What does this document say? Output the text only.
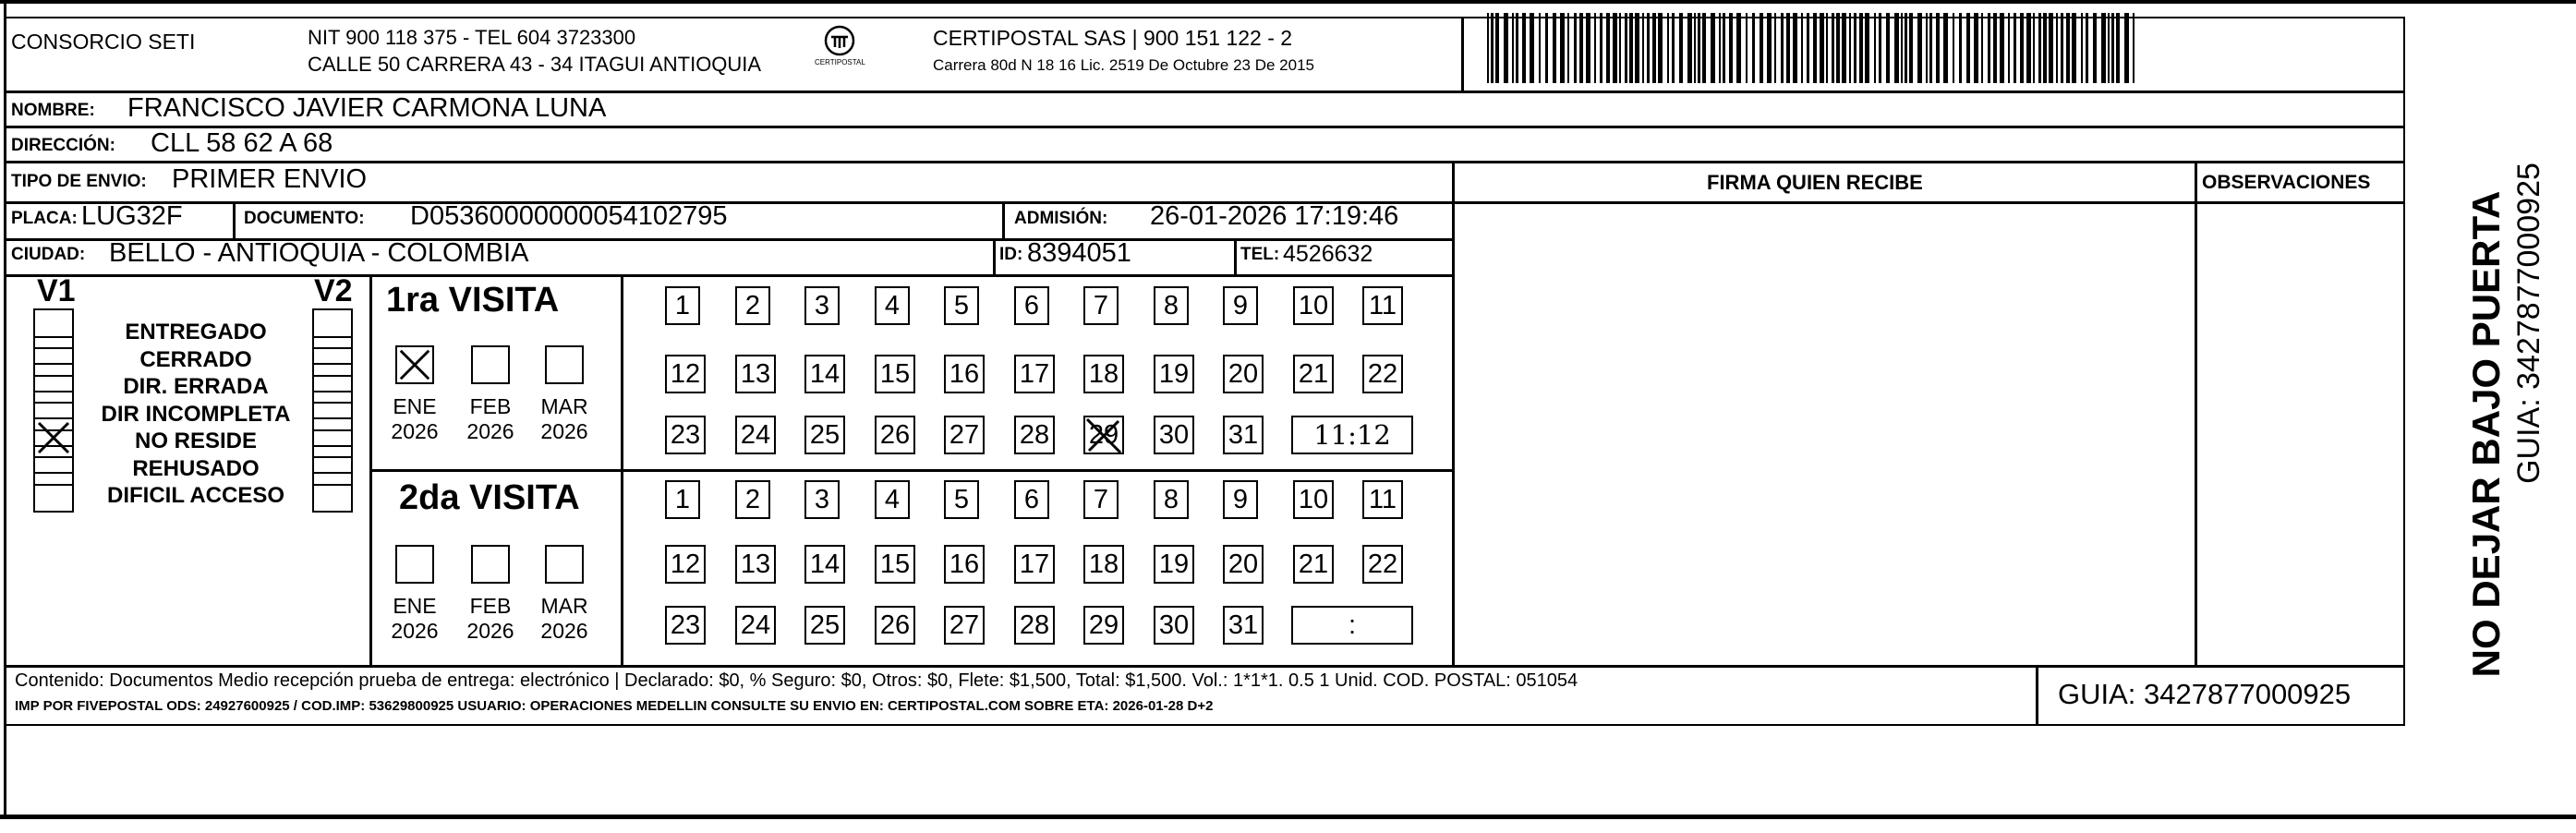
CONSORCIO SETI	NIT 900 118 375 - TEL 604 3723300
CALLE 50 CARRERA 43 - 34 ITAGUI ANTIOQUIA	CERTIPOSTAL
CERTIPOSTAL SAS | 900 151 122 - 2
Carrera 80d N 18 16 Lic. 2519 De Octubre 23 De 2015
NOMBRE: FRANCISCO JAVIER CARMONA LUNA
DIRECCIÓN: CLL 58 62 A 68
TIPO DE ENVIO: PRIMER ENVIO	FIRMA QUIEN RECIBE	OBSERVACIONES
PLACA: LUG32F	DOCUMENTO: D05360000000054102795	ADMISIÓN: 26-01-2026 17:19:46
CIUDAD: BELLO - ANTIOQUIA - COLOMBIA	ID: 8394051	TEL: 4526632
V1	V2 1ra VISITA
2da VISITA
Contenido: Documentos Medio recepción prueba de entrega: electrónico | Declarado: $0, % Seguro: $0, Otros: $0, Flete: $1,500, Total: $1,500. Vol.: 1*1*1. 0.5 1 Unid. COD. POSTAL: 051054
IMP POR FIVEPOSTAL ODS: 24927600925 / COD.IMP: 53629800925 USUARIO: OPERACIONES MEDELLIN CONSULTE SU ENVIO EN: CERTIPOSTAL.COM SOBRE ETA: 2026-01-28 D+2	GUIA: 3427877000925
NO DEJAR BAJO PUERTA GUIA: 3427877000925
ENTREGADO
CERRADO
DIR. ERRADA
DIR INCOMPLETA
NO RESIDE
REHUSADO
DIFICIL ACCESO
ENE
2026
FEB
2026
MAR
2026
ENE
2026
FEB
2026
MAR
2026
1	2	3	4	5	6	7	8	9	10 11
12 13 14 15 16 17 18 19 20 21 22
23 24 25 26 27 28 29 30 31	11:12
1	2	3	4	5	6	7	8	9	10 11
12 13 14 15 16 17 18 19 20 21 22
23 24 25 26 27 28 29 30 31	:
